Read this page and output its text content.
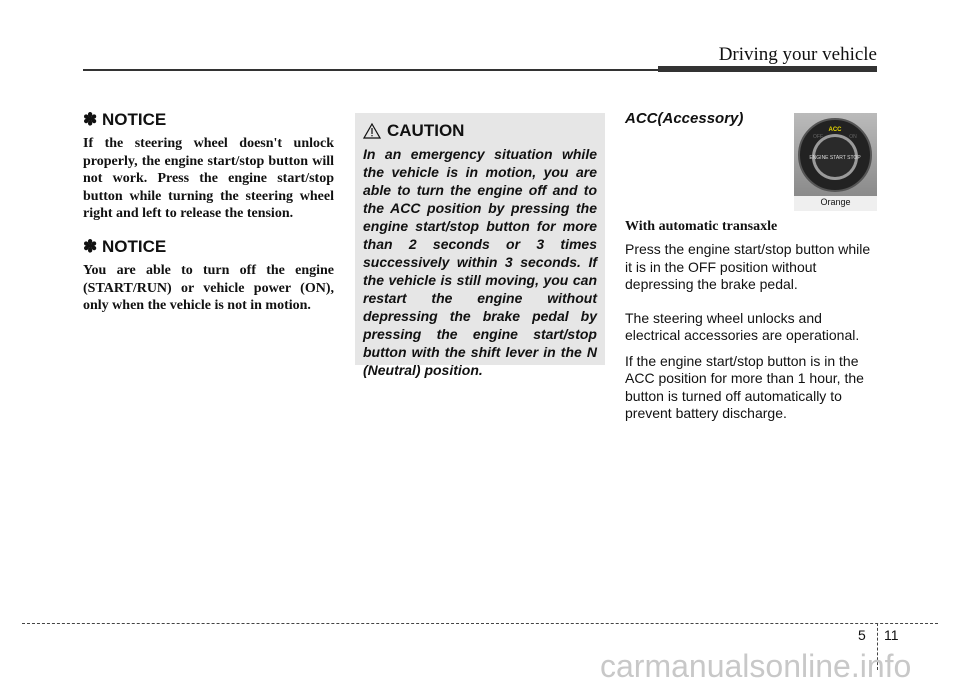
Driving your vehicle
✽ NOTICE

If the steering wheel doesn't unlock properly, the engine start/stop button will not work. Press the engine start/stop button while turning the steering wheel right and left to release the tension.

✽ NOTICE

You are able to turn off the engine (START/RUN) or vehicle power (ON), only when the vehicle is not in motion.

CAUTION

In an emergency situation while the vehicle is in motion, you are able to turn the engine off and to the ACC position by pressing the engine start/stop button for more than 2 seconds or 3 times successively within 3 seconds. If the vehicle is still moving, you can restart the engine without depressing the brake pedal by pressing the engine start/stop button with the shift lever in the N (Neutral) position.

ACC(Accessory)
With automatic transaxle

Press the engine start/stop button while it is in the OFF position without depressing the brake pedal.

The steering wheel unlocks and electrical accessories are operational.

If the engine start/stop button is in the ACC position for more than 1 hour, the button is turned off automatically to prevent battery discharge.

ACC
OFF	ON
ENGINE START STOP
Orange
5 11
carmanualsonline.info
